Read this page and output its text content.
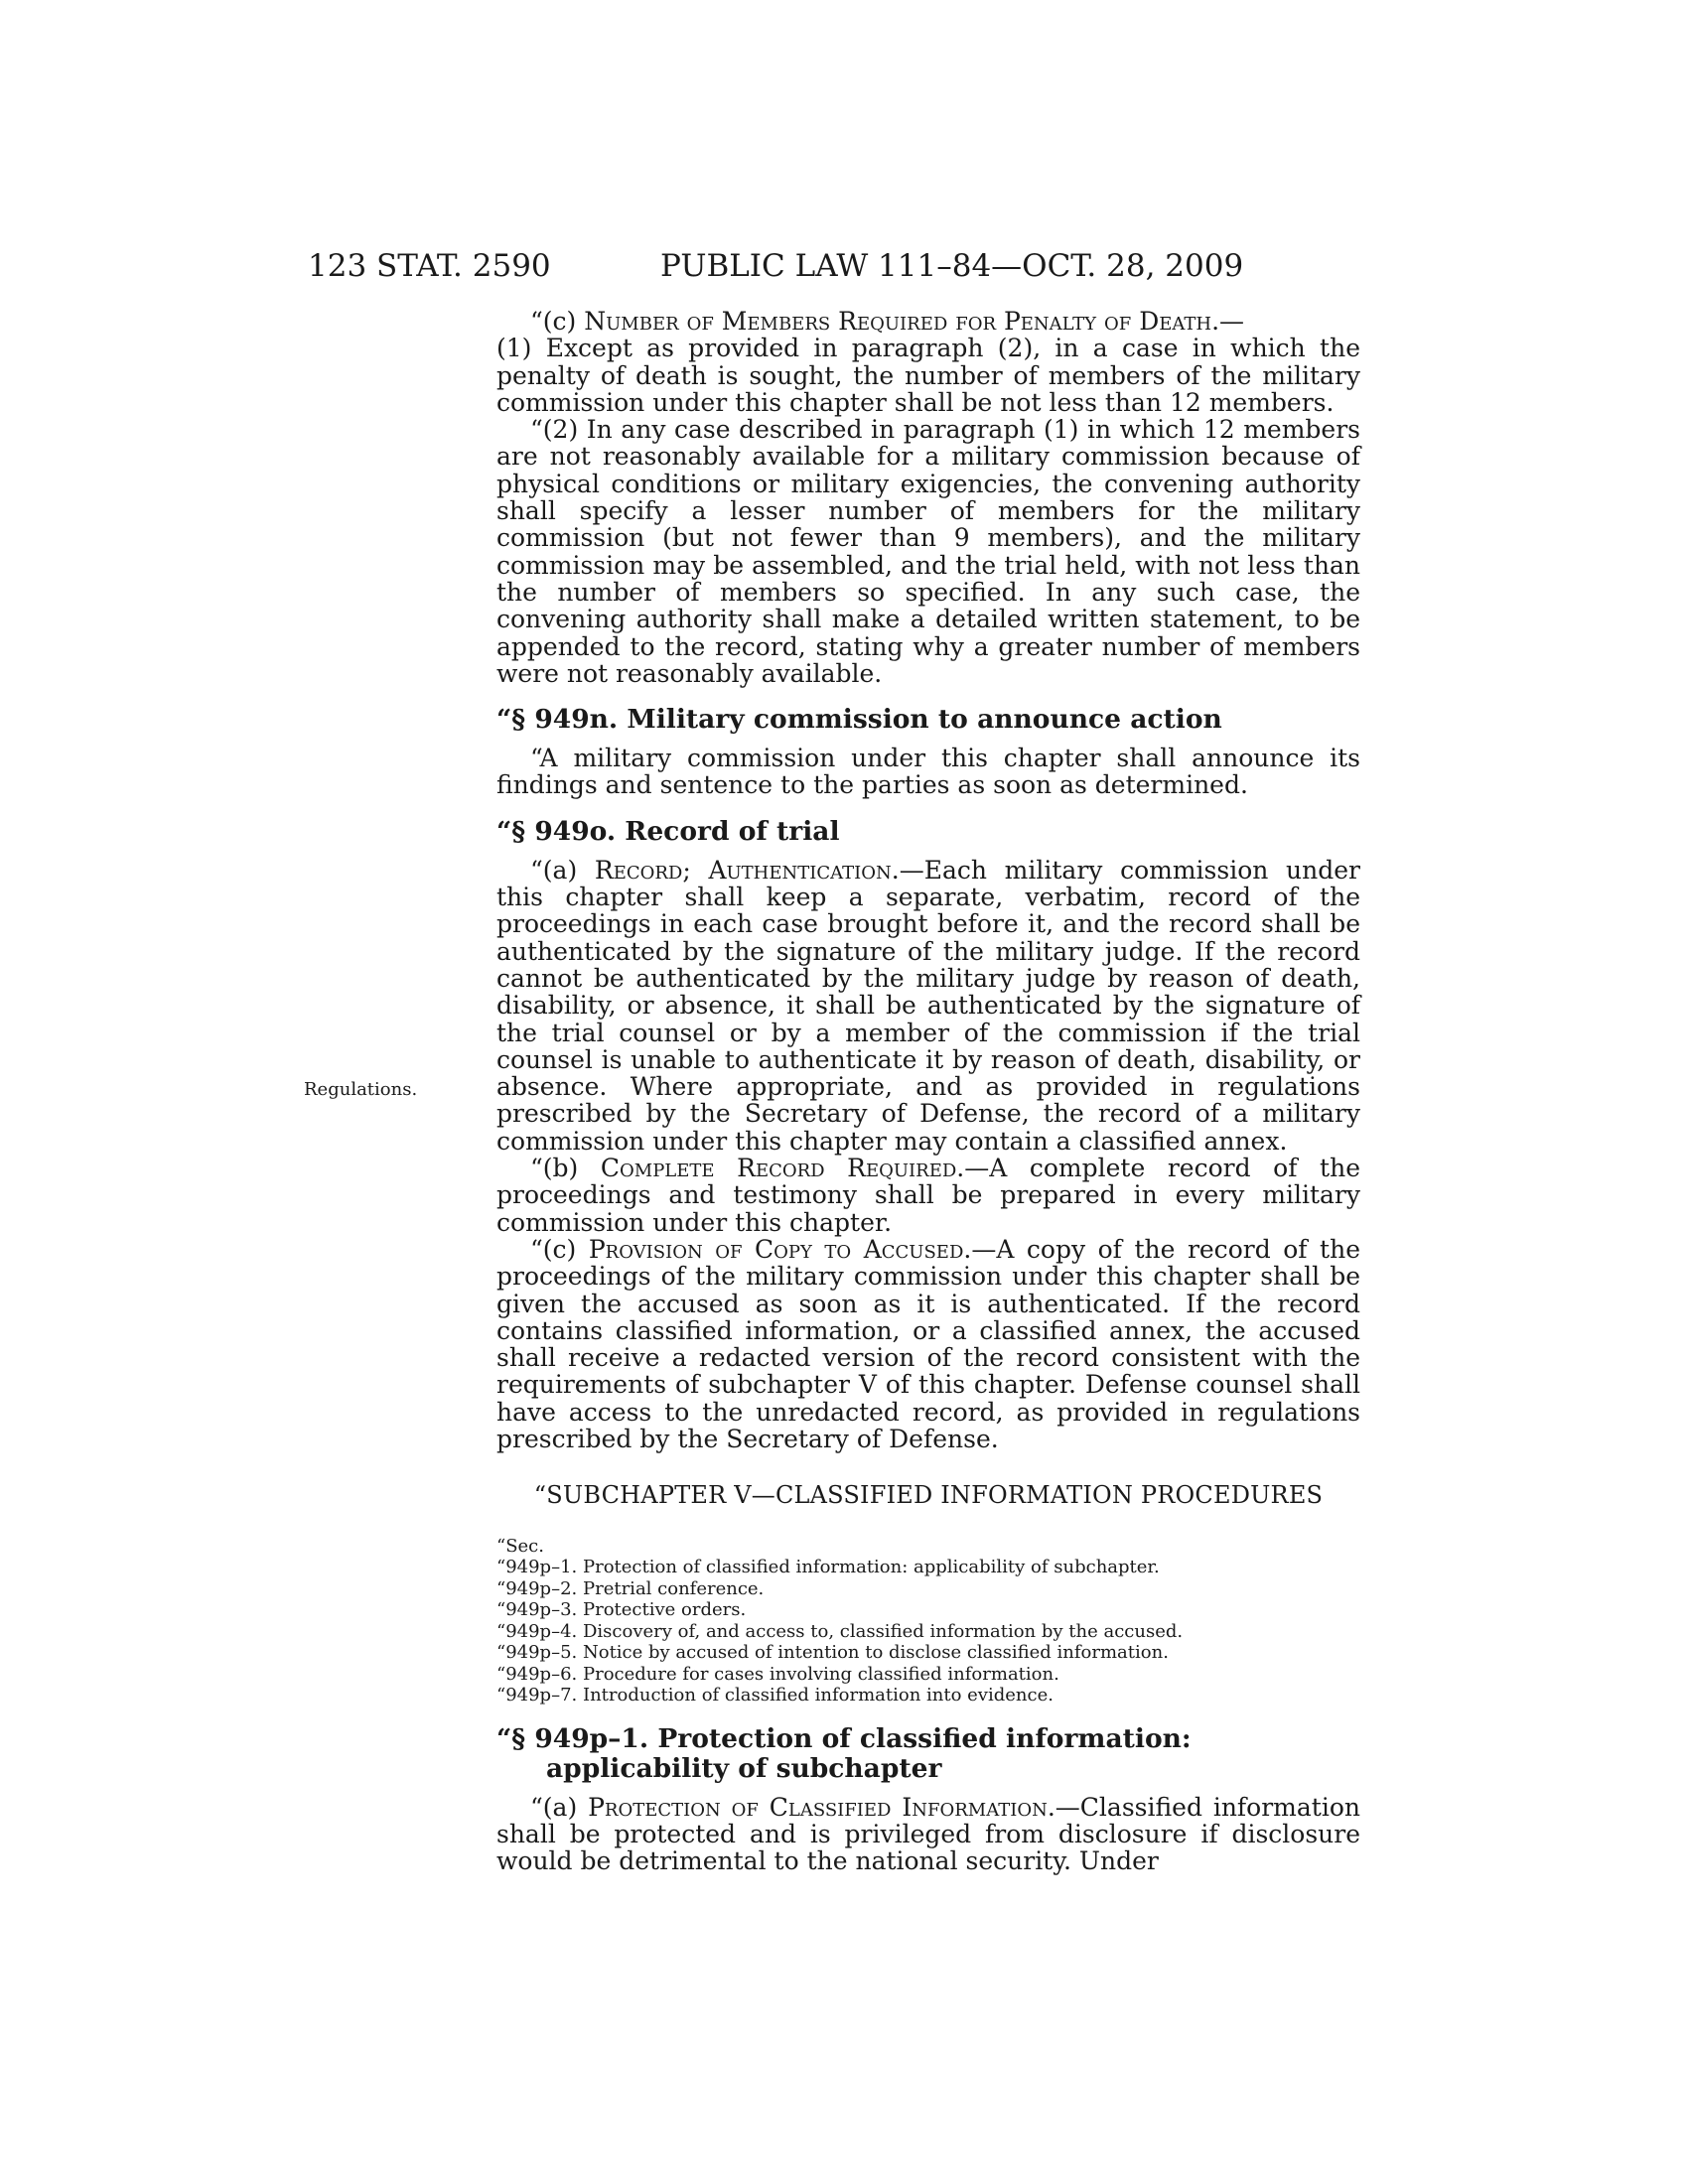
123 STAT. 2590	PUBLIC LAW 111–84—OCT. 28, 2009
Regulations.

“(c) Number of Members Required for Penalty of Death.—
(1) Except as provided in paragraph (2), in a case in which the penalty of death is sought, the number of members of the military commission under this chapter shall be not less than 12 members.

“(2) In any case described in paragraph (1) in which 12 members are not reasonably available for a military commission because of physical conditions or military exigencies, the convening authority shall specify a lesser number of members for the military commission (but not fewer than 9 members), and the military commission may be assembled, and the trial held, with not less than the number of members so specified. In any such case, the convening authority shall make a detailed written statement, to be appended to the record, stating why a greater number of members were not reasonably available.

“§ 949n. Military commission to announce action

“A military commission under this chapter shall announce its findings and sentence to the parties as soon as determined.

“§ 949o. Record of trial

“(a) Record; Authentication.—Each military commission under this chapter shall keep a separate, verbatim, record of the proceedings in each case brought before it, and the record shall be authenticated by the signature of the military judge. If the record cannot be authenticated by the military judge by reason of death, disability, or absence, it shall be authenticated by the signature of the trial counsel or by a member of the commission if the trial counsel is unable to authenticate it by reason of death, disability, or absence. Where appropriate, and as provided in regulations prescribed by the Secretary of Defense, the record of a military commission under this chapter may contain a classified annex.

“(b) Complete Record Required.—A complete record of the proceedings and testimony shall be prepared in every military commission under this chapter.

“(c) Provision of Copy to Accused.—A copy of the record of the proceedings of the military commission under this chapter shall be given the accused as soon as it is authenticated. If the record contains classified information, or a classified annex, the accused shall receive a redacted version of the record consistent with the requirements of subchapter V of this chapter. Defense counsel shall have access to the unredacted record, as provided in regulations prescribed by the Secretary of Defense.

“SUBCHAPTER V—CLASSIFIED INFORMATION PROCEDURES
“Sec.
“949p–1. Protection of classified information: applicability of subchapter.
“949p–2. Pretrial conference.
“949p–3. Protective orders.
“949p–4. Discovery of, and access to, classified information by the accused.
“949p–5. Notice by accused of intention to disclose classified information.
“949p–6. Procedure for cases involving classified information.
“949p–7. Introduction of classified information into evidence.
“§ 949p–1. Protection of classified information: applicability of subchapter

“(a) Protection of Classified Information.—Classified information shall be protected and is privileged from disclosure if disclosure would be detrimental to the national security. Under
